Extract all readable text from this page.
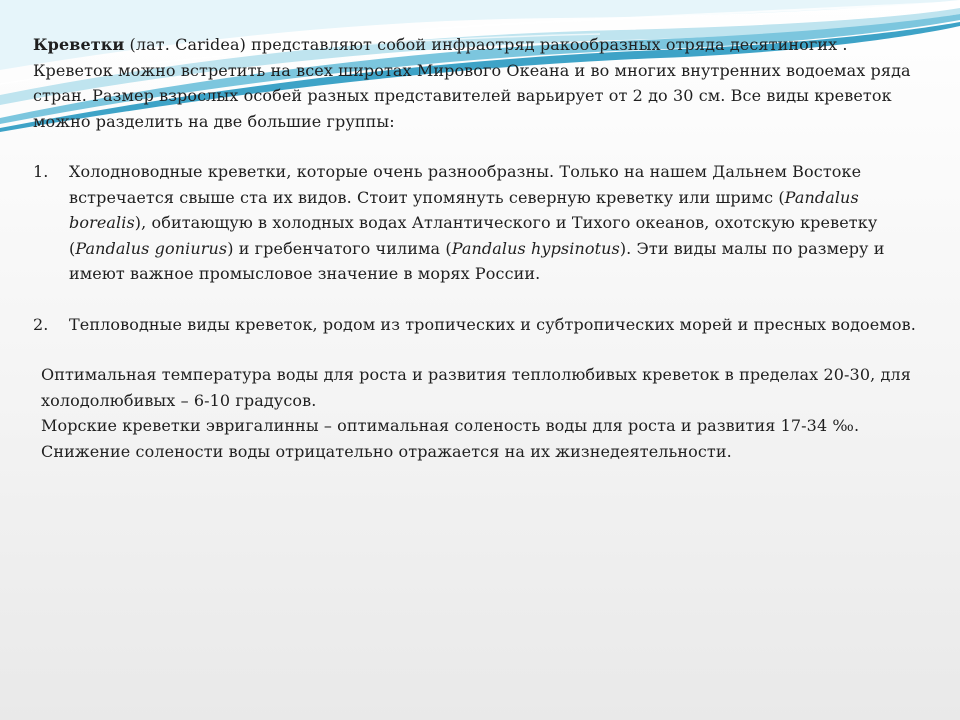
Креветки (лат. Caridea) представляют собой инфраотряд ракообразных отряда десятиногих . Креветок можно встретить на всех широтах Мирового Океана и во многих внутренних водоемах ряда стран. Размер взрослых особей разных представителей варьирует от 2 до 30 см. Все виды креветок можно разделить на две большие группы:

1.	Холодноводные креветки, которые очень разнообразны. Только на нашем Дальнем Востоке встречается свыше ста их видов. Стоит упомянуть северную креветку или шримс (Pandalus borealis), обитающую в холодных водах Атлантического и Тихого океанов, охотскую креветку (Pandalus goniurus) и гребенчатого чилима (Pandalus hypsinotus). Эти виды малы по размеру и имеют важное промысловое значение в морях России.
2.	Тепловодные виды креветок, родом из тропических и субтропических морей и пресных водоемов.

Оптимальная температура воды для роста и развития теплолюбивых креветок в пределах 20-30, для холодолюбивых – 6-10 градусов.

Морские креветки эвригалинны – оптимальная соленость воды для роста и развития 17-34 ‰. Снижение солености воды отрицательно отражается на их жизнедеятельности.
